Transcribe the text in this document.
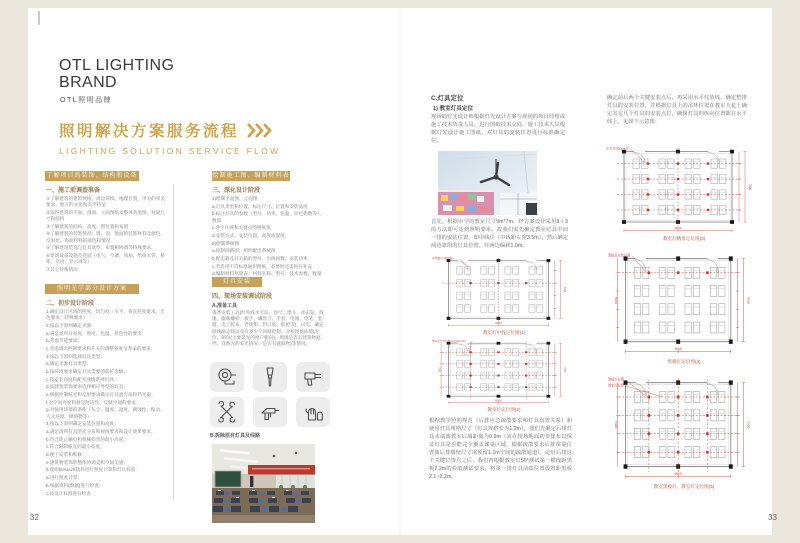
OTL LIGHTING
BRAND
OTL照明品牌
照明解决方案服务流程
LIGHTING SOLUTION SERVICE FLOW
了解项目的装饰、结构和设备
一、施工前调查准备

①了解建筑的建筑风格、周边环境、地理位置、甲方的审美要求、地方的文化和美学特征

②取得建筑的平面、剖面、立面图纸及整体效果图、柱梁尺寸和结构

③了解建筑的结构、高度、窗位置和布置

④了解建筑的装饰情况：墙、顶、地面的装饰材料及颜色、反射比、饰面材料的颜色和情况

⑤了解建筑装饰与灯具选型、布置相协调等特殊要求

⑥建筑设备设施及管道（电气、空调、风扇、给排水管、桥架、吊顶、显示屏等）

⑦其它特殊情况

照明光学部分设计方案
二、初步设计阶段

1.确定设计区域的照度、均匀度（水平、垂直照度要求、光色要求、特殊要求）

2.按以下原则确定光源：

a.满足场所对亮度、照度、色温、显色性的要求；

b.考虑节能要求；

c.考虑调光控制要求和开关的调整频度及寿命的要求；

3.按以下原则选择灯具类型：

a.确定光源灯具类型；

b.按环境要求确定灯具需要的防护等级；

c.按安装高度和配光曲线选择灯具；

d.按建筑装饰要求选择相应外型的灯具；

e.根据控制眩光和反射要求确定灯具遮光角和挡光器；

f.对空间亮度和视觉舒适性、反映空间的要求；

g.对使用环境的条件（灰尘、温度、湿度、腐蚀性、振动、人文环境、障碍物等）

4.按以下原则确定安装位置和高度：

a.满足场所灯具的光分布和视线要求和设计效果要求；

b.符合防止触电和机械损害的最小高度；

c.符合限制眩光的最小高度；

d.便于安装和维修；

e.建筑物装饰的整体协调美和空间美感；

5.使用DIALUX软件进行照度计算和灯具校验：

a.进行照度计算；

b.根据资料(数据)进行检查；

c.按设计标准进行检查

绘制施工图、编制材料表
三、深化设计阶段

1)绘制平面图、立面图

a.灯具类型和位置、标注尺寸、位置和安装高度

b.标注灯具的参数（型号、功率、色温、显色指数等）、数量

c.各个区域和关键点的照度值

d.安装方式、安装位置、高度或深度。

2)绘制系统图

a.控制回路图、照明配电系统图

b.配电箱及开关箱的型号、出线回数、安装功率

c.若选用不符标准通用图纸，必要时还需进行补充

d.编制材料用量表：材料名称、型号、技术参数、数量

灯具安装
四、现场安装调试阶段
A.准备工具
备齐安装工具(红外线水平仪、卷尺、墨斗、冲击钻、线锤、膨胀螺栓、板手、螺丝刀、手套、电锤、电笔、套筒、电工胶布、老虎钳、封口胶、胶枪等)、试电、确定原线路走线以及有多少个回路控制、分析现场环境(方位、朝向(主要采光的窗户朝向)、周围是否有建筑物遮挡、自然光的采光情况、是否有遮阳物)等情况。
B.拆除原有灯具及线路
32
C.灯具定位
1) 教室灯具定位
现场的灯光设计师根据灯光设计方案与现场的项目经理或施工技术负责人员，进行图纸技术交底。施工技术人员根据灯光设计施工图纸，对灯具的安装位置进行标准确定位。
首先，根据中学的教室尺寸9m*7m，经方案设计采用9＋3的方法即可达到照明要求。故我们需先确定教室灯具中间一排的安装位置，即中线位（中线距左窗3.5m）。然后确定两边靠窗的灯具位置，往两边偏移1.0m。
7000
9000
中线距左窗3.5m
教室灯中线定位图(1)
7000
7000
9000
靠窗灯具往两边偏移1.0m
教室灯定位图(2)
根据教学照明规范（后排应急疏散要求和灯具布置关系）和使用灯具规格尺寸（灯具规格长为1.2m），我们先确定后排灯具末端离教室后墙距离为0.9m（需在现场地面初步排布以保证灯具是否能完全覆盖课桌区域，根据疏散要求后排课桌位置离后排墙壁尺寸需预留1.1m空间的疏散通道），定好后排这个关键位置点之后，我们再根据教室灯50°测试第一横线距黑板2.2m的验收测试要求，将第一排灯具前端位置设置距黑板2.1~2.2m。
确定前后两个关键安装点后，再采用水平仪放线，确定整排灯具的安装位置，并根据灯具上的吊环位置在教室天花上确定其它几个灯具的安装点位，确保灯具的纵向位置都在水平线上。见如下示意图：
7000
9000
水平仪放线定位
教室灯精准定位图(3)
7000
7000
9000
黑板灯安装位置
黑板灯定位图(4)
7000
7000
9000
黑板灯位置
教室灯位置
教室黑板灯、教室灯定位图(5)
33
